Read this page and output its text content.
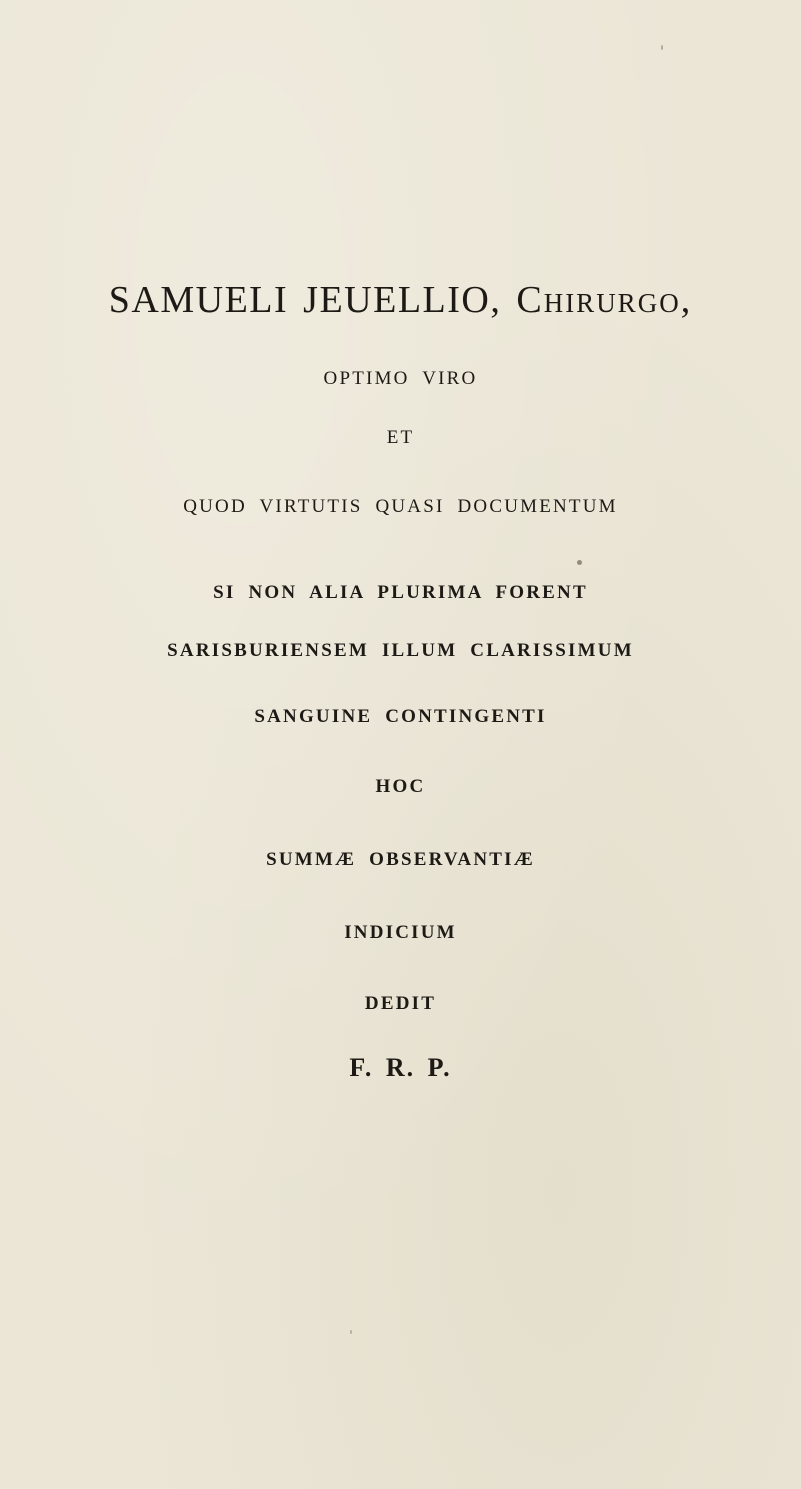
SAMUELI JEUELLIO, Chirurgo,
OPTIMO VIRO
ET
QUOD VIRTUTIS QUASI DOCUMENTUM
SI NON ALIA PLURIMA FORENT
SARISBURIENSEM ILLUM CLARISSIMUM
SANGUINE CONTINGENTI
HOC
SUMMÆ OBSERVANTIÆ
INDICIUM
DEDIT
F. R. P.
